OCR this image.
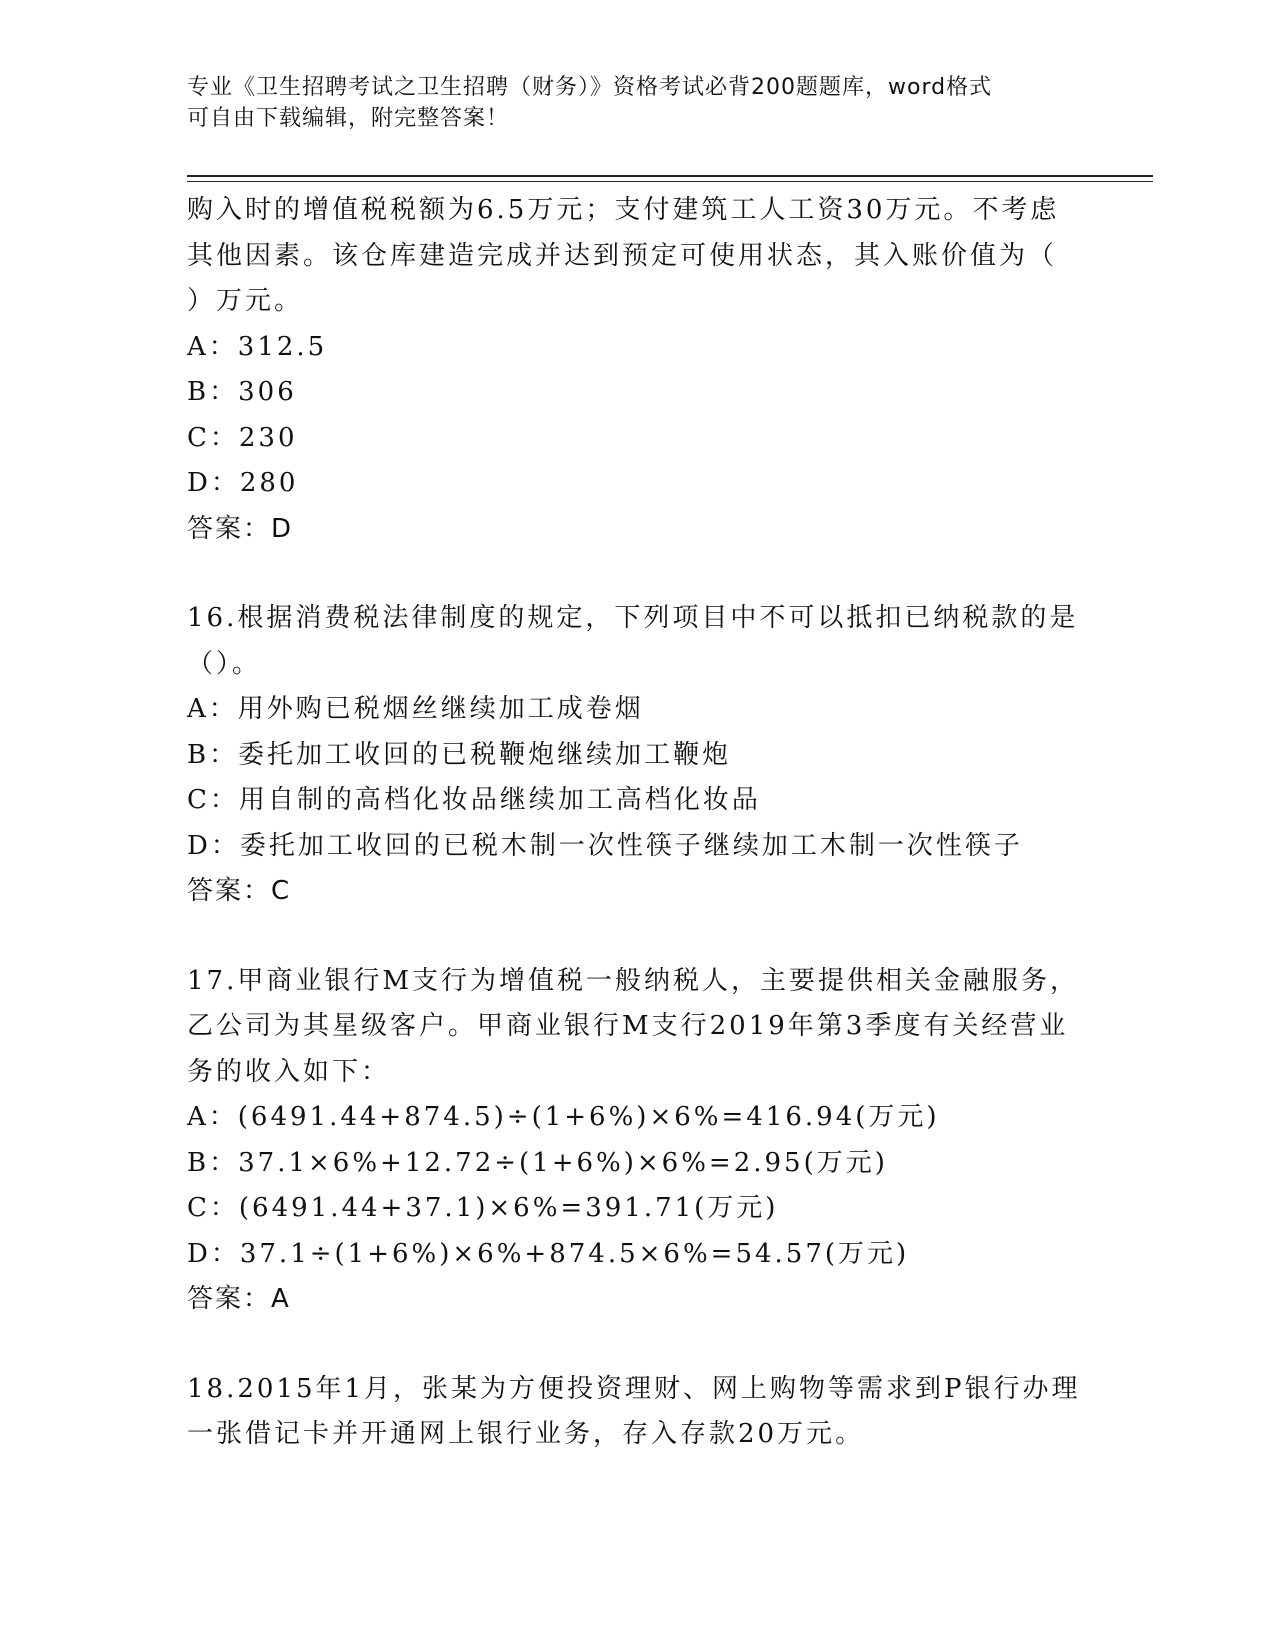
专业《卫生招聘考试之卫生招聘（财务）》资格考试必背200题题库，word格式
可自由下载编辑，附完整答案！
购入时的增值税税额为6.5万元；支付建筑工人工资30万元。不考虑
其他因素。该仓库建造完成并达到预定可使用状态，其入账价值为（
）万元。
A：312.5
B：306
C：230
D：280
答案：D
16.根据消费税法律制度的规定，下列项目中不可以抵扣已纳税款的是
（）。
A：用外购已税烟丝继续加工成卷烟
B：委托加工收回的已税鞭炮继续加工鞭炮
C：用自制的高档化妆品继续加工高档化妆品
D：委托加工收回的已税木制一次性筷子继续加工木制一次性筷子
答案：C
17.甲商业银行M支行为增值税一般纳税人，主要提供相关金融服务，
乙公司为其星级客户。甲商业银行M支行2019年第3季度有关经营业
务的收入如下：
A：(6491.44+874.5)÷(1+6%)×6%=416.94(万元)
B：37.1×6%+12.72÷(1+6%)×6%=2.95(万元)
C：(6491.44+37.1)×6%=391.71(万元)
D：37.1÷(1+6%)×6%+874.5×6%=54.57(万元)
答案：A
18.2015年1月，张某为方便投资理财、网上购物等需求到P银行办理
一张借记卡并开通网上银行业务，存入存款20万元。
